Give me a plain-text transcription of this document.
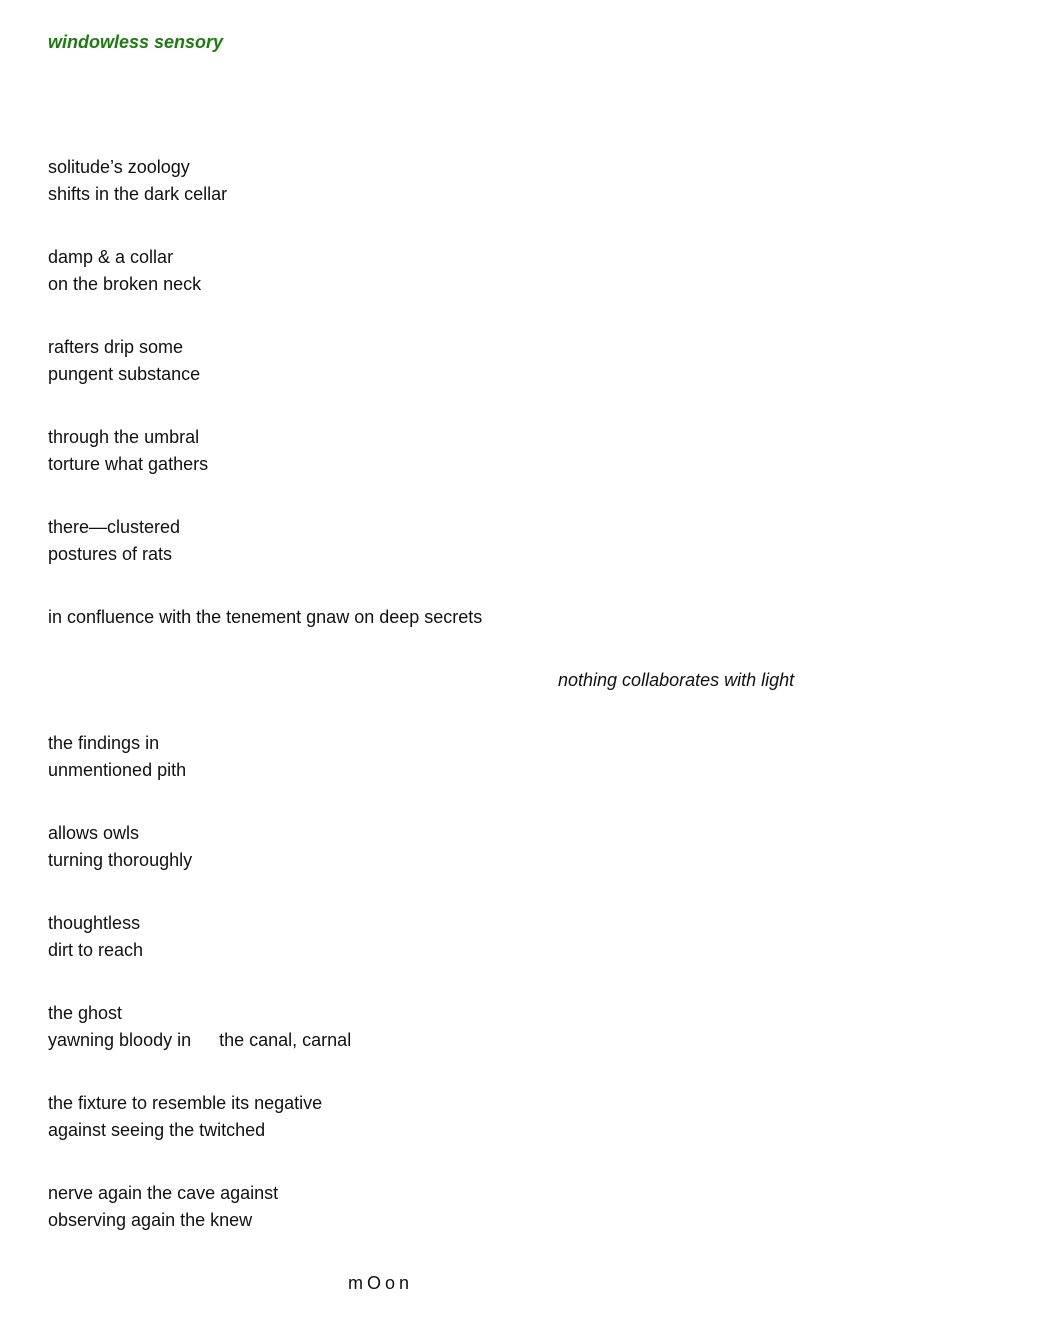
windowless sensory
solitude’s zoology
shifts in the dark cellar
damp & a collar
on the broken neck
rafters drip some
pungent substance
through the umbral
torture what gathers
there—clustered
postures of rats
in confluence with the tenement gnaw on deep secrets
nothing collaborates with light
the findings in
unmentioned pith
allows owls
turning thoroughly
thoughtless
dirt to reach
the ghost
yawning bloody in the canal, carnal
the fixture to resemble its negative
against seeing the twitched
nerve again the cave against
observing again the knew
mOon
